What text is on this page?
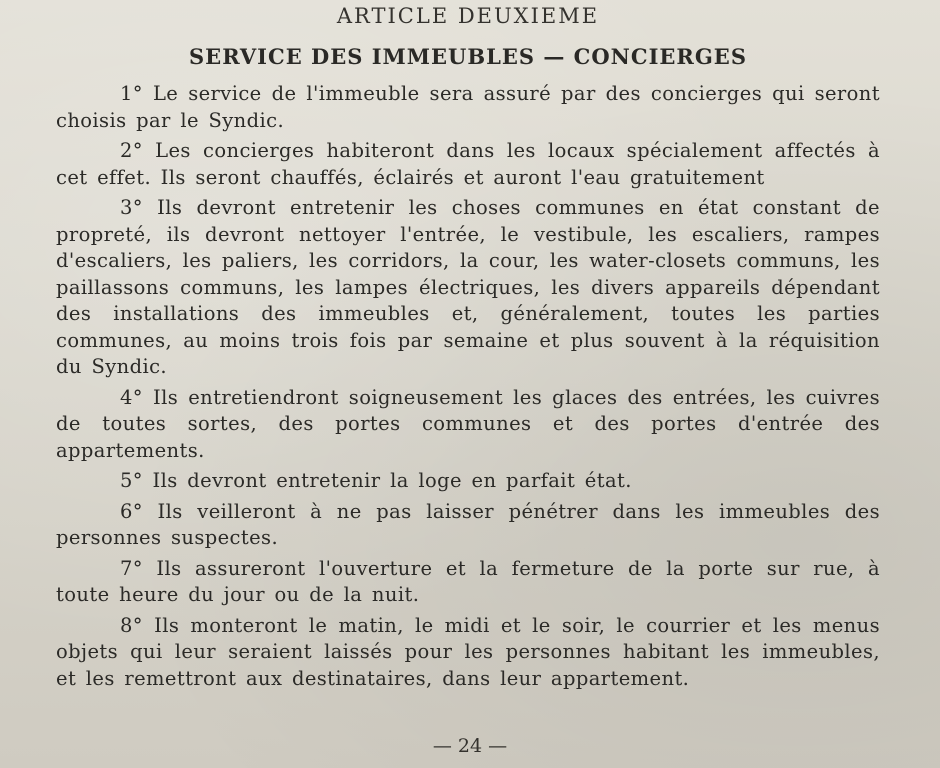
ARTICLE DEUXIEME
SERVICE DES IMMEUBLES — CONCIERGES

1° Le service de l'immeuble sera assuré par des concierges qui seront choisis par le Syndic.

2° Les concierges habiteront dans les locaux spécialement affectés à cet effet. Ils seront chauffés, éclairés et auront l'eau gratuitement

3° Ils devront entretenir les choses communes en état constant de propreté, ils devront nettoyer l'entrée, le vestibule, les escaliers, rampes d'escaliers, les paliers, les corridors, la cour, les water-closets communs, les paillassons communs, les lampes électriques, les divers appareils dépendant des installations des immeubles et, généralement, toutes les parties communes, au moins trois fois par semaine et plus souvent à la réquisition du Syndic.

4° Ils entretiendront soigneusement les glaces des entrées, les cuivres de toutes sortes, des portes communes et des portes d'entrée des appartements.

5° Ils devront entretenir la loge en parfait état.

6° Ils veilleront à ne pas laisser pénétrer dans les immeubles des personnes suspectes.

7° Ils assureront l'ouverture et la fermeture de la porte sur rue, à toute heure du jour ou de la nuit.

8° Ils monteront le matin, le midi et le soir, le courrier et les menus objets qui leur seraient laissés pour les personnes habitant les immeubles, et les remettront aux destinataires, dans leur appartement.

— 24 —
